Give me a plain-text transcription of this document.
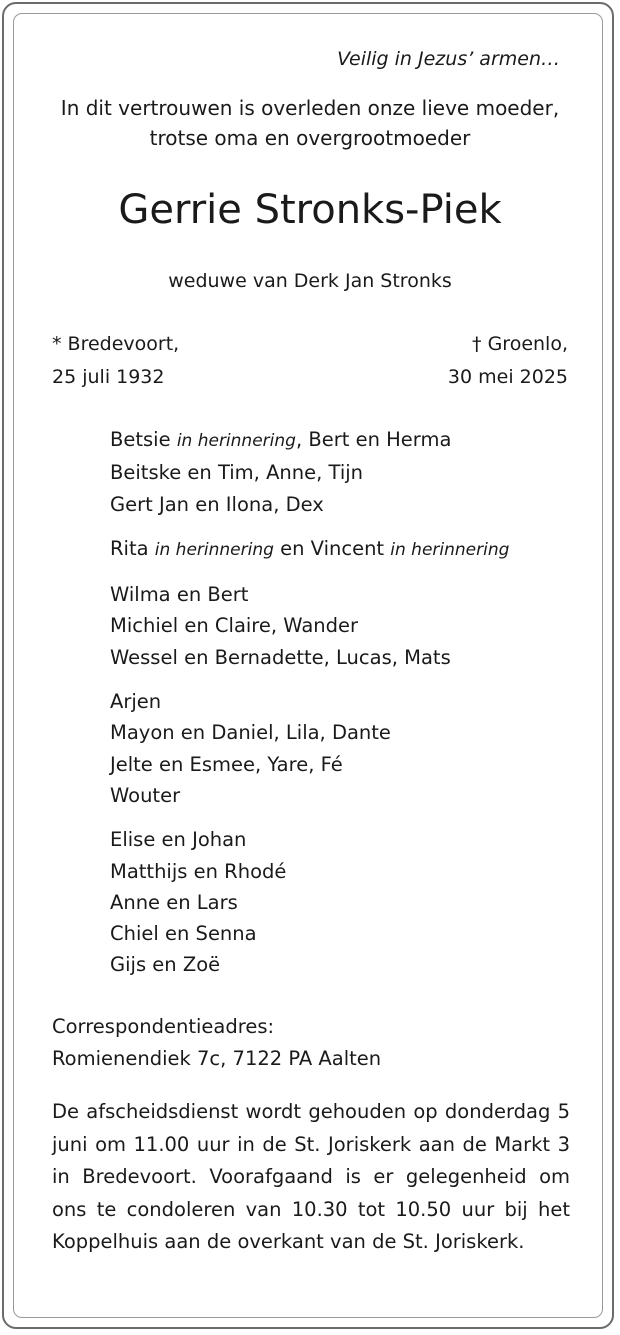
Veilig in Jezus’ armen…
In dit vertrouwen is overleden onze lieve moeder,
trotse oma en overgrootmoeder
Gerrie Stronks-Piek
weduwe van Derk Jan Stronks
* Bredevoort,
25 juli 1932
† Groenlo,
30 mei 2025
Betsie in herinnering, Bert en Herma
Beitske en Tim, Anne, Tijn
Gert Jan en Ilona, Dex
Rita in herinnering en Vincent in herinnering
Wilma en Bert
Michiel en Claire, Wander
Wessel en Bernadette, Lucas, Mats
Arjen
Mayon en Daniel, Lila, Dante
Jelte en Esmee, Yare, Fé
Wouter
Elise en Johan
Matthijs en Rhodé
Anne en Lars
Chiel en Senna
Gijs en Zoë
Correspondentieadres:
Romienendiek 7c, 7122 PA Aalten
De afscheidsdienst wordt gehouden op donderdag 5 juni om 11.00 uur in de St. Joriskerk aan de Markt 3 in Bredevoort. Voorafgaand is er gelegenheid om ons te condoleren van 10.30 tot 10.50 uur bij het Koppelhuis aan de overkant van de St. Joriskerk.
